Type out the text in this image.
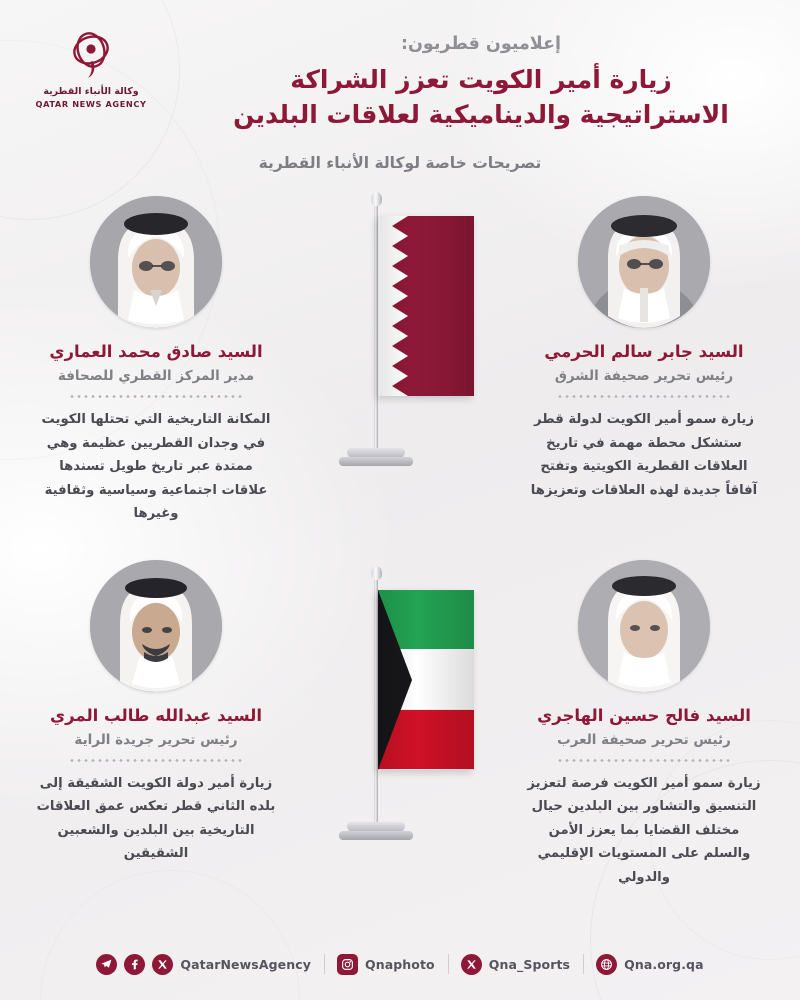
إعلاميون قطريون:
زيارة أمير الكويت تعزز الشراكة الاستراتيجية والديناميكية لعلاقات البلدين
وكالة الأنباء القطرية
QATAR NEWS AGENCY
تصريحات خاصة لوكالة الأنباء القطرية
السيد جابر سالم الحرمي
رئيس تحرير صحيفة الشرق
زيارة سمو أمير الكويت لدولة قطر ستشكل محطة مهمة في تاريخ العلاقات القطرية الكويتية وتفتح آفاقاً جديدة لهذه العلاقات وتعزيزها
السيد صادق محمد العماري
مدير المركز القطري للصحافة
المكانة التاريخية التي تحتلها الكويت في وجدان القطريين عظيمة وهي ممتدة عبر تاريخ طويل تسندها علاقات اجتماعية وسياسية وثقافية وغيرها
السيد فالح حسين الهاجري
رئيس تحرير صحيفة العرب
زيارة سمو أمير الكويت فرصة لتعزيز التنسيق والتشاور بين البلدين حيال مختلف القضايا بما يعزز الأمن والسلم على المستويات الإقليمي والدولي
السيد عبدالله طالب المري
رئيس تحرير جريدة الراية
زيارة أمير دولة الكويت الشقيقة إلى بلده الثاني قطر تعكس عمق العلاقات التاريخية بين البلدين والشعبين الشقيقين
QatarNewsAgency	Qnaphoto	Qna_Sports	Qna.org.qa
